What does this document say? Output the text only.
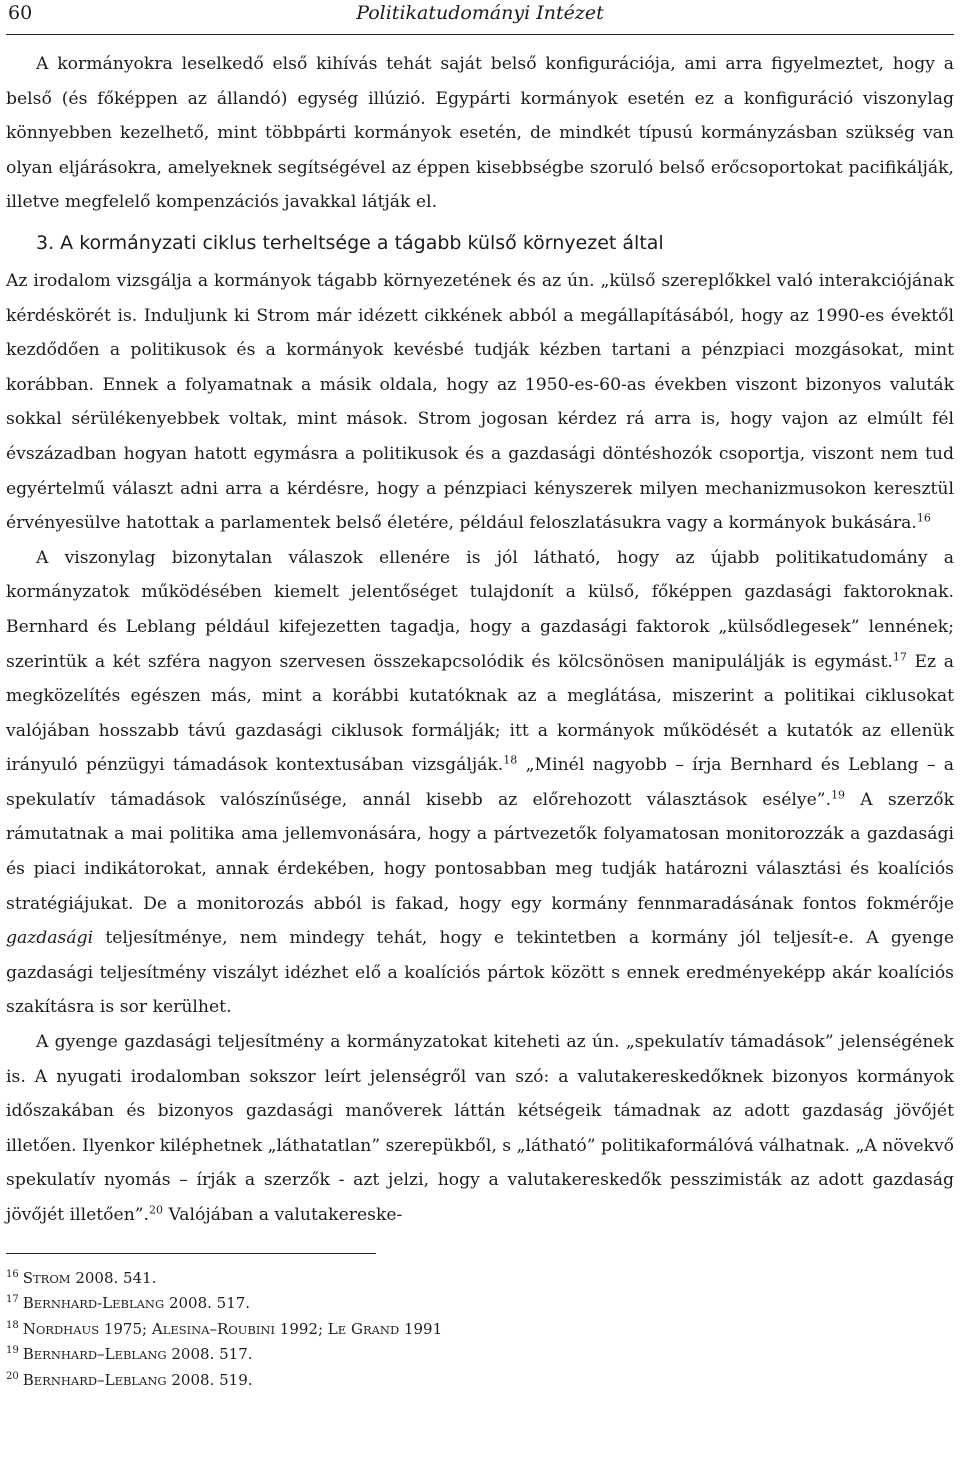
60	Politikatudományi Intézet

A kormányokra leselkedő első kihívás tehát saját belső konfigurációja, ami arra figyelmeztet, hogy a belső (és főképpen az állandó) egység illúzió. Egypárti kormányok esetén ez a konfiguráció viszonylag könnyebben kezelhető, mint többpárti kormányok esetén, de mindkét típusú kormányzásban szükség van olyan eljárásokra, amelyeknek segítségével az éppen kisebbségbe szoruló belső erőcsoportokat pacifikálják, illetve megfelelő kompenzációs javakkal látják el.

3. A kormányzati ciklus terheltsége a tágabb külső környezet által

Az irodalom vizsgálja a kormányok tágabb környezetének és az ún. „külső szereplőkkel való interakciójának kérdéskörét is. Induljunk ki Strom már idézett cikkének abból a megállapításából, hogy az 1990-es évektől kezdődően a politikusok és a kormányok kevésbé tudják kézben tartani a pénzpiaci mozgásokat, mint korábban. Ennek a folyamatnak a másik oldala, hogy az 1950-es-60-as években viszont bizonyos valuták sokkal sérülékenyebbek voltak, mint mások. Strom jogosan kérdez rá arra is, hogy vajon az elmúlt fél évszázadban hogyan hatott egymásra a politikusok és a gazdasági döntéshozók csoportja, viszont nem tud egyértelmű választ adni arra a kérdésre, hogy a pénzpiaci kényszerek milyen mechanizmusokon keresztül érvényesülve hatottak a parlamentek belső életére, például feloszlatásukra vagy a kormányok bukására.$^{16}$

A viszonylag bizonytalan válaszok ellenére is jól látható, hogy az újabb politikatudomány a kormányzatok működésében kiemelt jelentőséget tulajdonít a külső, főképpen gazdasági faktoroknak. Bernhard és Leblang például kifejezetten tagadja, hogy a gazdasági faktorok „külsődlegesek” lennének; szerintük a két szféra nagyon szervesen összekapcsolódik és kölcsönösen manipulálják is egymást.$^{17}$ Ez a megközelítés egészen más, mint a korábbi kutatóknak az a meglátása, miszerint a politikai ciklusokat valójában hosszabb távú gazdasági ciklusok formálják; itt a kormányok működését a kutatók az ellenük irányuló pénzügyi támadások kontextusában vizsgálják.$^{18}$ „Minél nagyobb – írja Bernhard és Leblang – a spekulatív támadások valószínűsége, annál kisebb az előrehozott választások esélye”.$^{19}$ A szerzők rámutatnak a mai politika ama jellemvonására, hogy a pártvezetők folyamatosan monitorozzák a gazdasági és piaci indikátorokat, annak érdekében, hogy pontosabban meg tudják határozni választási és koalíciós stratégiájukat. De a monitorozás abból is fakad, hogy egy kormány fennmaradásának fontos fokmérője gazdasági teljesítménye, nem mindegy tehát, hogy e tekintetben a kormány jól teljesít-e. A gyenge gazdasági teljesítmény viszályt idézhet elő a koalíciós pártok között s ennek eredményeképp akár koalíciós szakításra is sor kerülhet.

A gyenge gazdasági teljesítmény a kormányzatokat kiteheti az ún. „spekulatív támadások” jelenségének is. A nyugati irodalomban sokszor leírt jelenségről van szó: a valutakereskedőknek bizonyos kormányok időszakában és bizonyos gazdasági manőverek láttán kétségeik támadnak az adott gazdaság jövőjét illetően. Ilyenkor kiléphetnek „láthatatlan” szerepükből, s „látható” politikaformálóvá válhatnak. „A növekvő spekulatív nyomás – írják a szerzők - azt jelzi, hogy a valutakereskedők pesszimisták az adott gazdaság jövőjét illetően”.$^{20}$ Valójában a valutakereske-

$^{16}$ STROM 2008. 541.

$^{17}$ BERNHARD-LEBLANG 2008. 517.

$^{18}$ NORDHAUS 1975; ALESINA–ROUBINI 1992; LE GRAND 1991

$^{19}$ BERNHARD–LEBLANG 2008. 517.

$^{20}$ BERNHARD–LEBLANG 2008. 519.
